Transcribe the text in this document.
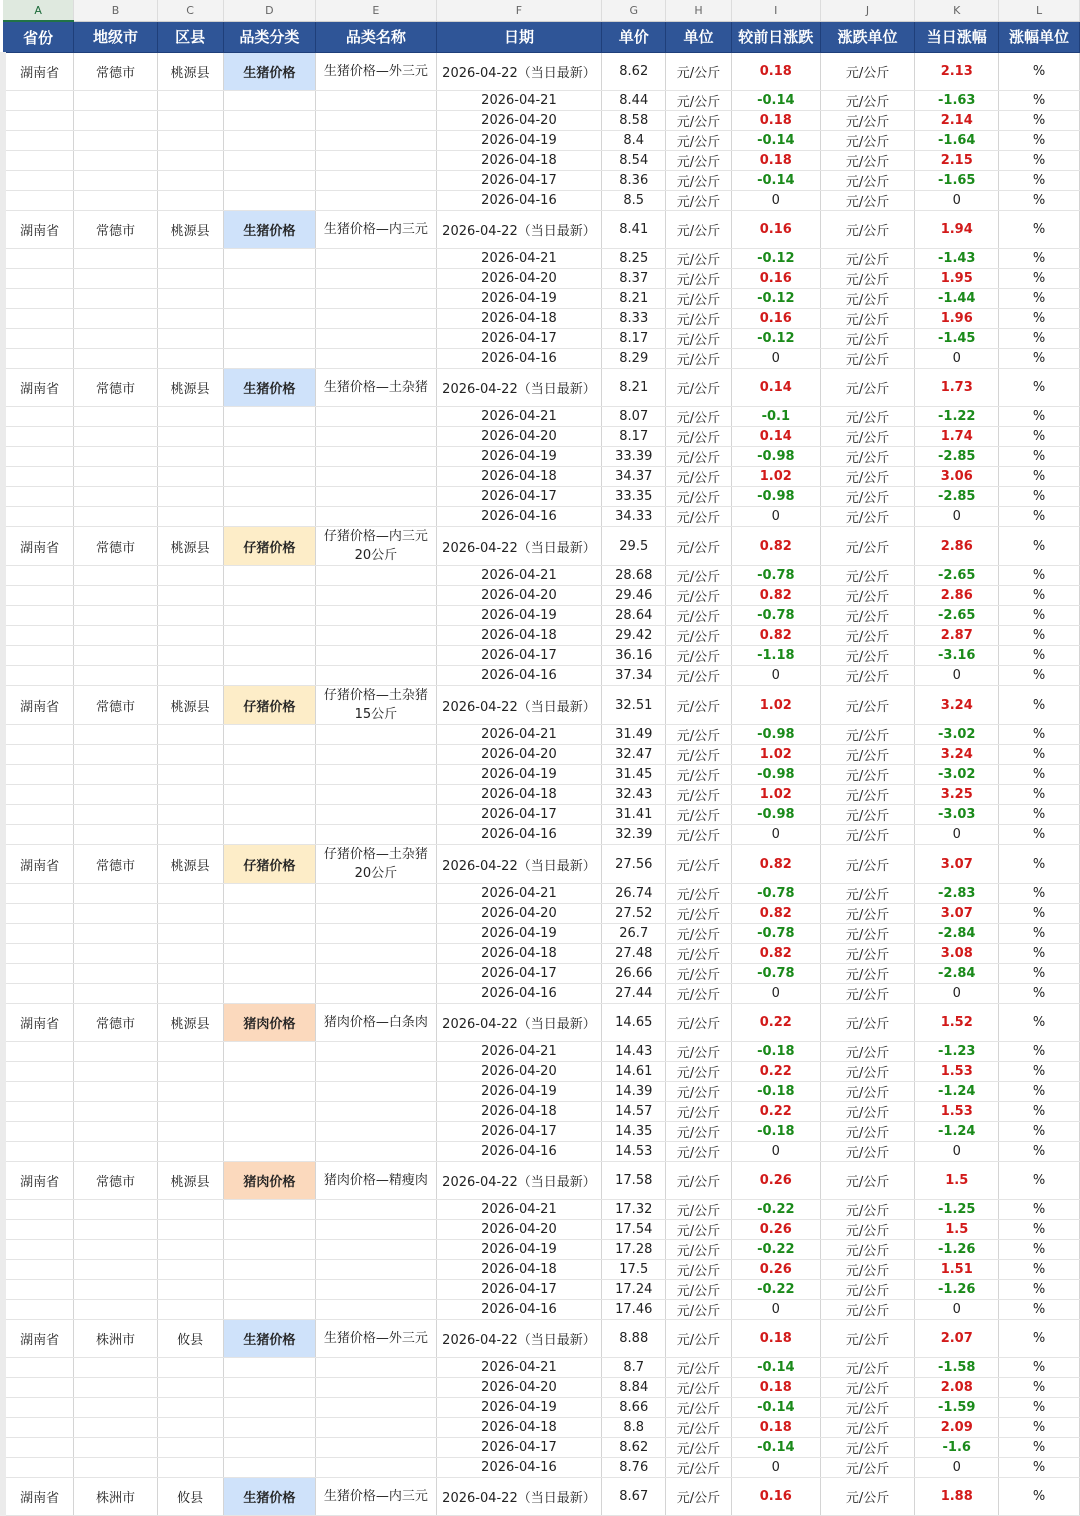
A	B	C	D	E	F	G	H	I	J	K	L
省份	地级市	区县	品类分类	品类名称	日期	单价	单位	较前日涨跌	涨跌单位	当日涨幅	涨幅单位
湖南省	常德市	桃源县	生猪价格	生猪价格—外三元	2026-04-22（当日最新）	8.62	元/公斤	0.18	元/公斤	2.13	%
					2026-04-21	8.44	元/公斤	-0.14	元/公斤	-1.63	%
					2026-04-20	8.58	元/公斤	0.18	元/公斤	2.14	%
					2026-04-19	8.4	元/公斤	-0.14	元/公斤	-1.64	%
					2026-04-18	8.54	元/公斤	0.18	元/公斤	2.15	%
					2026-04-17	8.36	元/公斤	-0.14	元/公斤	-1.65	%
					2026-04-16	8.5	元/公斤	0	元/公斤	0	%
湖南省	常德市	桃源县	生猪价格	生猪价格—内三元	2026-04-22（当日最新）	8.41	元/公斤	0.16	元/公斤	1.94	%
					2026-04-21	8.25	元/公斤	-0.12	元/公斤	-1.43	%
					2026-04-20	8.37	元/公斤	0.16	元/公斤	1.95	%
					2026-04-19	8.21	元/公斤	-0.12	元/公斤	-1.44	%
					2026-04-18	8.33	元/公斤	0.16	元/公斤	1.96	%
					2026-04-17	8.17	元/公斤	-0.12	元/公斤	-1.45	%
					2026-04-16	8.29	元/公斤	0	元/公斤	0	%
湖南省	常德市	桃源县	生猪价格	生猪价格—土杂猪	2026-04-22（当日最新）	8.21	元/公斤	0.14	元/公斤	1.73	%
					2026-04-21	8.07	元/公斤	-0.1	元/公斤	-1.22	%
					2026-04-20	8.17	元/公斤	0.14	元/公斤	1.74	%
					2026-04-19	33.39	元/公斤	-0.98	元/公斤	-2.85	%
					2026-04-18	34.37	元/公斤	1.02	元/公斤	3.06	%
					2026-04-17	33.35	元/公斤	-0.98	元/公斤	-2.85	%
					2026-04-16	34.33	元/公斤	0	元/公斤	0	%
湖南省	常德市	桃源县	仔猪价格	仔猪价格—内三元20公斤	2026-04-22（当日最新）	29.5	元/公斤	0.82	元/公斤	2.86	%
					2026-04-21	28.68	元/公斤	-0.78	元/公斤	-2.65	%
					2026-04-20	29.46	元/公斤	0.82	元/公斤	2.86	%
					2026-04-19	28.64	元/公斤	-0.78	元/公斤	-2.65	%
					2026-04-18	29.42	元/公斤	0.82	元/公斤	2.87	%
					2026-04-17	36.16	元/公斤	-1.18	元/公斤	-3.16	%
					2026-04-16	37.34	元/公斤	0	元/公斤	0	%
湖南省	常德市	桃源县	仔猪价格	仔猪价格—土杂猪15公斤	2026-04-22（当日最新）	32.51	元/公斤	1.02	元/公斤	3.24	%
					2026-04-21	31.49	元/公斤	-0.98	元/公斤	-3.02	%
					2026-04-20	32.47	元/公斤	1.02	元/公斤	3.24	%
					2026-04-19	31.45	元/公斤	-0.98	元/公斤	-3.02	%
					2026-04-18	32.43	元/公斤	1.02	元/公斤	3.25	%
					2026-04-17	31.41	元/公斤	-0.98	元/公斤	-3.03	%
					2026-04-16	32.39	元/公斤	0	元/公斤	0	%
湖南省	常德市	桃源县	仔猪价格	仔猪价格—土杂猪20公斤	2026-04-22（当日最新）	27.56	元/公斤	0.82	元/公斤	3.07	%
					2026-04-21	26.74	元/公斤	-0.78	元/公斤	-2.83	%
					2026-04-20	27.52	元/公斤	0.82	元/公斤	3.07	%
					2026-04-19	26.7	元/公斤	-0.78	元/公斤	-2.84	%
					2026-04-18	27.48	元/公斤	0.82	元/公斤	3.08	%
					2026-04-17	26.66	元/公斤	-0.78	元/公斤	-2.84	%
					2026-04-16	27.44	元/公斤	0	元/公斤	0	%
湖南省	常德市	桃源县	猪肉价格	猪肉价格—白条肉	2026-04-22（当日最新）	14.65	元/公斤	0.22	元/公斤	1.52	%
					2026-04-21	14.43	元/公斤	-0.18	元/公斤	-1.23	%
					2026-04-20	14.61	元/公斤	0.22	元/公斤	1.53	%
					2026-04-19	14.39	元/公斤	-0.18	元/公斤	-1.24	%
					2026-04-18	14.57	元/公斤	0.22	元/公斤	1.53	%
					2026-04-17	14.35	元/公斤	-0.18	元/公斤	-1.24	%
					2026-04-16	14.53	元/公斤	0	元/公斤	0	%
湖南省	常德市	桃源县	猪肉价格	猪肉价格—精瘦肉	2026-04-22（当日最新）	17.58	元/公斤	0.26	元/公斤	1.5	%
					2026-04-21	17.32	元/公斤	-0.22	元/公斤	-1.25	%
					2026-04-20	17.54	元/公斤	0.26	元/公斤	1.5	%
					2026-04-19	17.28	元/公斤	-0.22	元/公斤	-1.26	%
					2026-04-18	17.5	元/公斤	0.26	元/公斤	1.51	%
					2026-04-17	17.24	元/公斤	-0.22	元/公斤	-1.26	%
					2026-04-16	17.46	元/公斤	0	元/公斤	0	%
湖南省	株洲市	攸县	生猪价格	生猪价格—外三元	2026-04-22（当日最新）	8.88	元/公斤	0.18	元/公斤	2.07	%
					2026-04-21	8.7	元/公斤	-0.14	元/公斤	-1.58	%
					2026-04-20	8.84	元/公斤	0.18	元/公斤	2.08	%
					2026-04-19	8.66	元/公斤	-0.14	元/公斤	-1.59	%
					2026-04-18	8.8	元/公斤	0.18	元/公斤	2.09	%
					2026-04-17	8.62	元/公斤	-0.14	元/公斤	-1.6	%
					2026-04-16	8.76	元/公斤	0	元/公斤	0	%
湖南省	株洲市	攸县	生猪价格	生猪价格—内三元	2026-04-22（当日最新）	8.67	元/公斤	0.16	元/公斤	1.88	%
